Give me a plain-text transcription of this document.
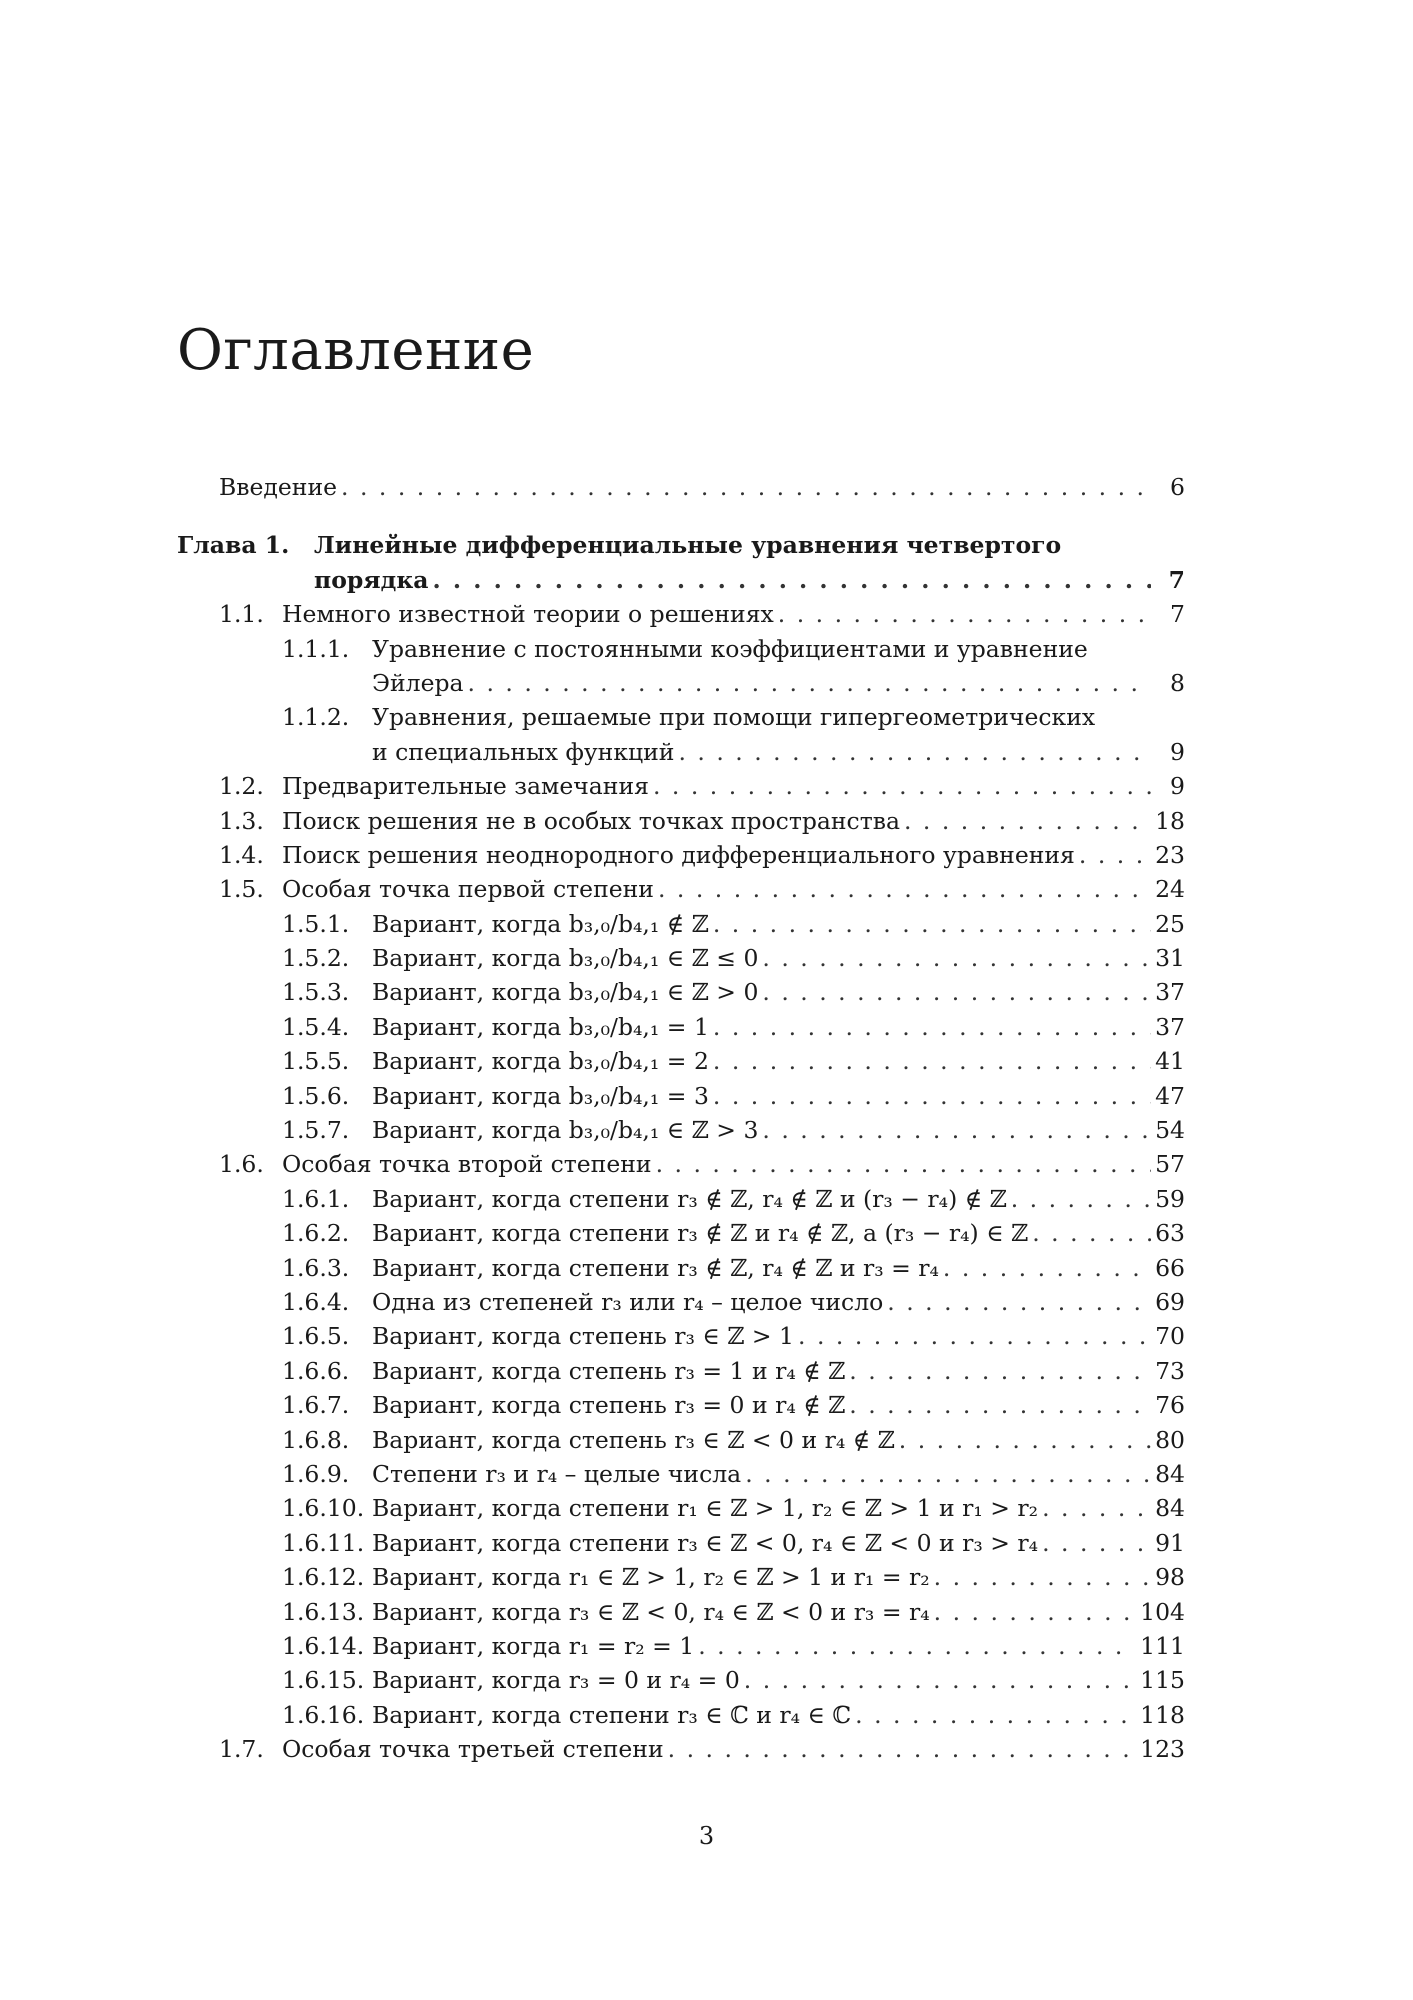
Оглавление
Введение . . .	6
Глава 1.	Линейные дифференциальные уравнения четвертого
порядка . . .	7
1.1. Немного известной теории о решениях . . .	7
1.1.1. Уравнение с постоянными коэффициентами и уравнение
Эйлера . . .	8
1.1.2. Уравнения, решаемые при помощи гипергеометрических
и специальных функций . . .	9
1.2. Предварительные замечания . . .	9
1.3. Поиск решения не в особых точках пространства . . .	18
1.4. Поиск решения неоднородного дифференциального уравнения . . .	23
1.5. Особая точка первой степени . . .	24
1.5.1. Вариант, когда b₃,₀/b₄,₁ ∉ ℤ . . .	25
1.5.2. Вариант, когда b₃,₀/b₄,₁ ∈ ℤ ≤ 0 . . .	31
1.5.3. Вариант, когда b₃,₀/b₄,₁ ∈ ℤ > 0 . . .	37
1.5.4. Вариант, когда b₃,₀/b₄,₁ = 1 . . .	37
1.5.5. Вариант, когда b₃,₀/b₄,₁ = 2 . . .	41
1.5.6. Вариант, когда b₃,₀/b₄,₁ = 3 . . .	47
1.5.7. Вариант, когда b₃,₀/b₄,₁ ∈ ℤ > 3 . . .	54
1.6. Особая точка второй степени . . .	57
1.6.1. Вариант, когда степени r₃ ∉ ℤ, r₄ ∉ ℤ и (r₃ − r₄) ∉ ℤ . . .	59
1.6.2. Вариант, когда степени r₃ ∉ ℤ и r₄ ∉ ℤ, а (r₃ − r₄) ∈ ℤ . . .	63
1.6.3. Вариант, когда степени r₃ ∉ ℤ, r₄ ∉ ℤ и r₃ = r₄ . . .	66
1.6.4. Одна из степеней r₃ или r₄ – целое число . . .	69
1.6.5. Вариант, когда степень r₃ ∈ ℤ > 1 . . .	70
1.6.6. Вариант, когда степень r₃ = 1 и r₄ ∉ ℤ . . .	73
1.6.7. Вариант, когда степень r₃ = 0 и r₄ ∉ ℤ . . .	76
1.6.8. Вариант, когда степень r₃ ∈ ℤ < 0 и r₄ ∉ ℤ . . .	80
1.6.9. Степени r₃ и r₄ – целые числа . . .	84
1.6.10. Вариант, когда степени r₁ ∈ ℤ > 1, r₂ ∈ ℤ > 1 и r₁ > r₂ . . .	84
1.6.11. Вариант, когда степени r₃ ∈ ℤ < 0, r₄ ∈ ℤ < 0 и r₃ > r₄ . . .	91
1.6.12. Вариант, когда r₁ ∈ ℤ > 1, r₂ ∈ ℤ > 1 и r₁ = r₂ . . .	98
1.6.13. Вариант, когда r₃ ∈ ℤ < 0, r₄ ∈ ℤ < 0 и r₃ = r₄ . . .	104
1.6.14. Вариант, когда r₁ = r₂ = 1 . . .	111
1.6.15. Вариант, когда r₃ = 0 и r₄ = 0 . . .	115
1.6.16. Вариант, когда степени r₃ ∈ ℂ и r₄ ∈ ℂ . . .	118
1.7. Особая точка третьей степени . . .	123
3
